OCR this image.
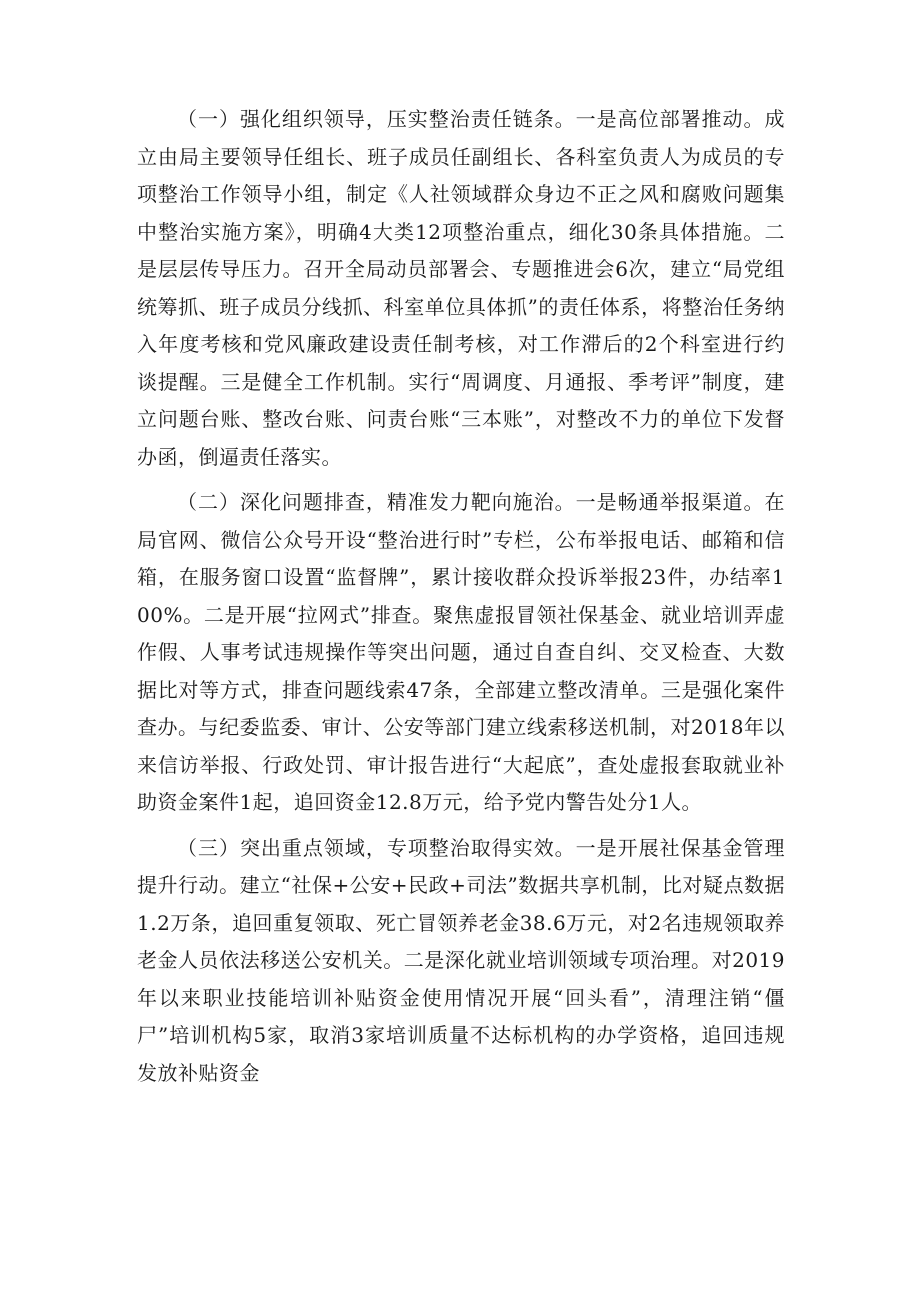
（一）强化组织领导，压实整治责任链条。一是高位部署推动。成立由局主要领导任组长、班子成员任副组长、各科室负责人为成员的专项整治工作领导小组，制定《人社领域群众身边不正之风和腐败问题集中整治实施方案》，明确4大类12项整治重点，细化30条具体措施。二是层层传导压力。召开全局动员部署会、专题推进会6次，建立“局党组统筹抓、班子成员分线抓、科室单位具体抓”的责任体系，将整治任务纳入年度考核和党风廉政建设责任制考核，对工作滞后的2个科室进行约谈提醒。三是健全工作机制。实行“周调度、月通报、季考评”制度，建立问题台账、整改台账、问责台账“三本账”，对整改不力的单位下发督办函，倒逼责任落实。

（二）深化问题排查，精准发力靶向施治。一是畅通举报渠道。在局官网、微信公众号开设“整治进行时”专栏，公布举报电话、邮箱和信箱，在服务窗口设置“监督牌”，累计接收群众投诉举报23件，办结率100%。二是开展“拉网式”排查。聚焦虚报冒领社保基金、就业培训弄虚作假、人事考试违规操作等突出问题，通过自查自纠、交叉检查、大数据比对等方式，排查问题线索47条，全部建立整改清单。三是强化案件查办。与纪委监委、审计、公安等部门建立线索移送机制，对2018年以来信访举报、行政处罚、审计报告进行“大起底”，查处虚报套取就业补助资金案件1起，追回资金12.8万元，给予党内警告处分1人。

（三）突出重点领域，专项整治取得实效。一是开展社保基金管理提升行动。建立“社保+公安+民政+司法”数据共享机制，比对疑点数据1.2万条，追回重复领取、死亡冒领养老金38.6万元，对2名违规领取养老金人员依法移送公安机关。二是深化就业培训领域专项治理。对2019年以来职业技能培训补贴资金使用情况开展“回头看”，清理注销“僵尸”培训机构5家，取消3家培训质量不达标机构的办学资格，追回违规发放补贴资金
